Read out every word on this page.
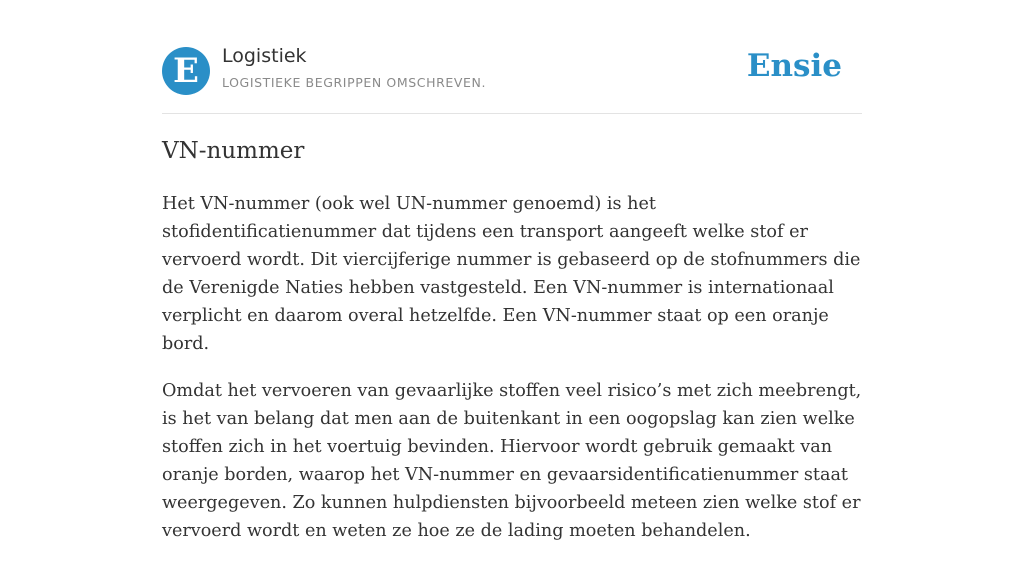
E	Logistiek
LOGISTIEKE BEGRIPPEN OMSCHREVEN.	Ensie
VN-nummer

Het VN-nummer (ook wel UN-nummer genoemd) is het stofidentificatienummer dat tijdens een transport aangeeft welke stof er vervoerd wordt. Dit viercijferige nummer is gebaseerd op de stofnummers die de Verenigde Naties hebben vastgesteld. Een VN-nummer is internationaal verplicht en daarom overal hetzelfde. Een VN-nummer staat op een oranje bord.

Omdat het vervoeren van gevaarlijke stoffen veel risico’s met zich meebrengt, is het van belang dat men aan de buitenkant in een oogopslag kan zien welke stoffen zich in het voertuig bevinden. Hiervoor wordt gebruik gemaakt van oranje borden, waarop het VN-nummer en gevaarsidentificatienummer staat weergegeven. Zo kunnen hulpdiensten bijvoorbeeld meteen zien welke stof er vervoerd wordt en weten ze hoe ze de lading moeten behandelen.
